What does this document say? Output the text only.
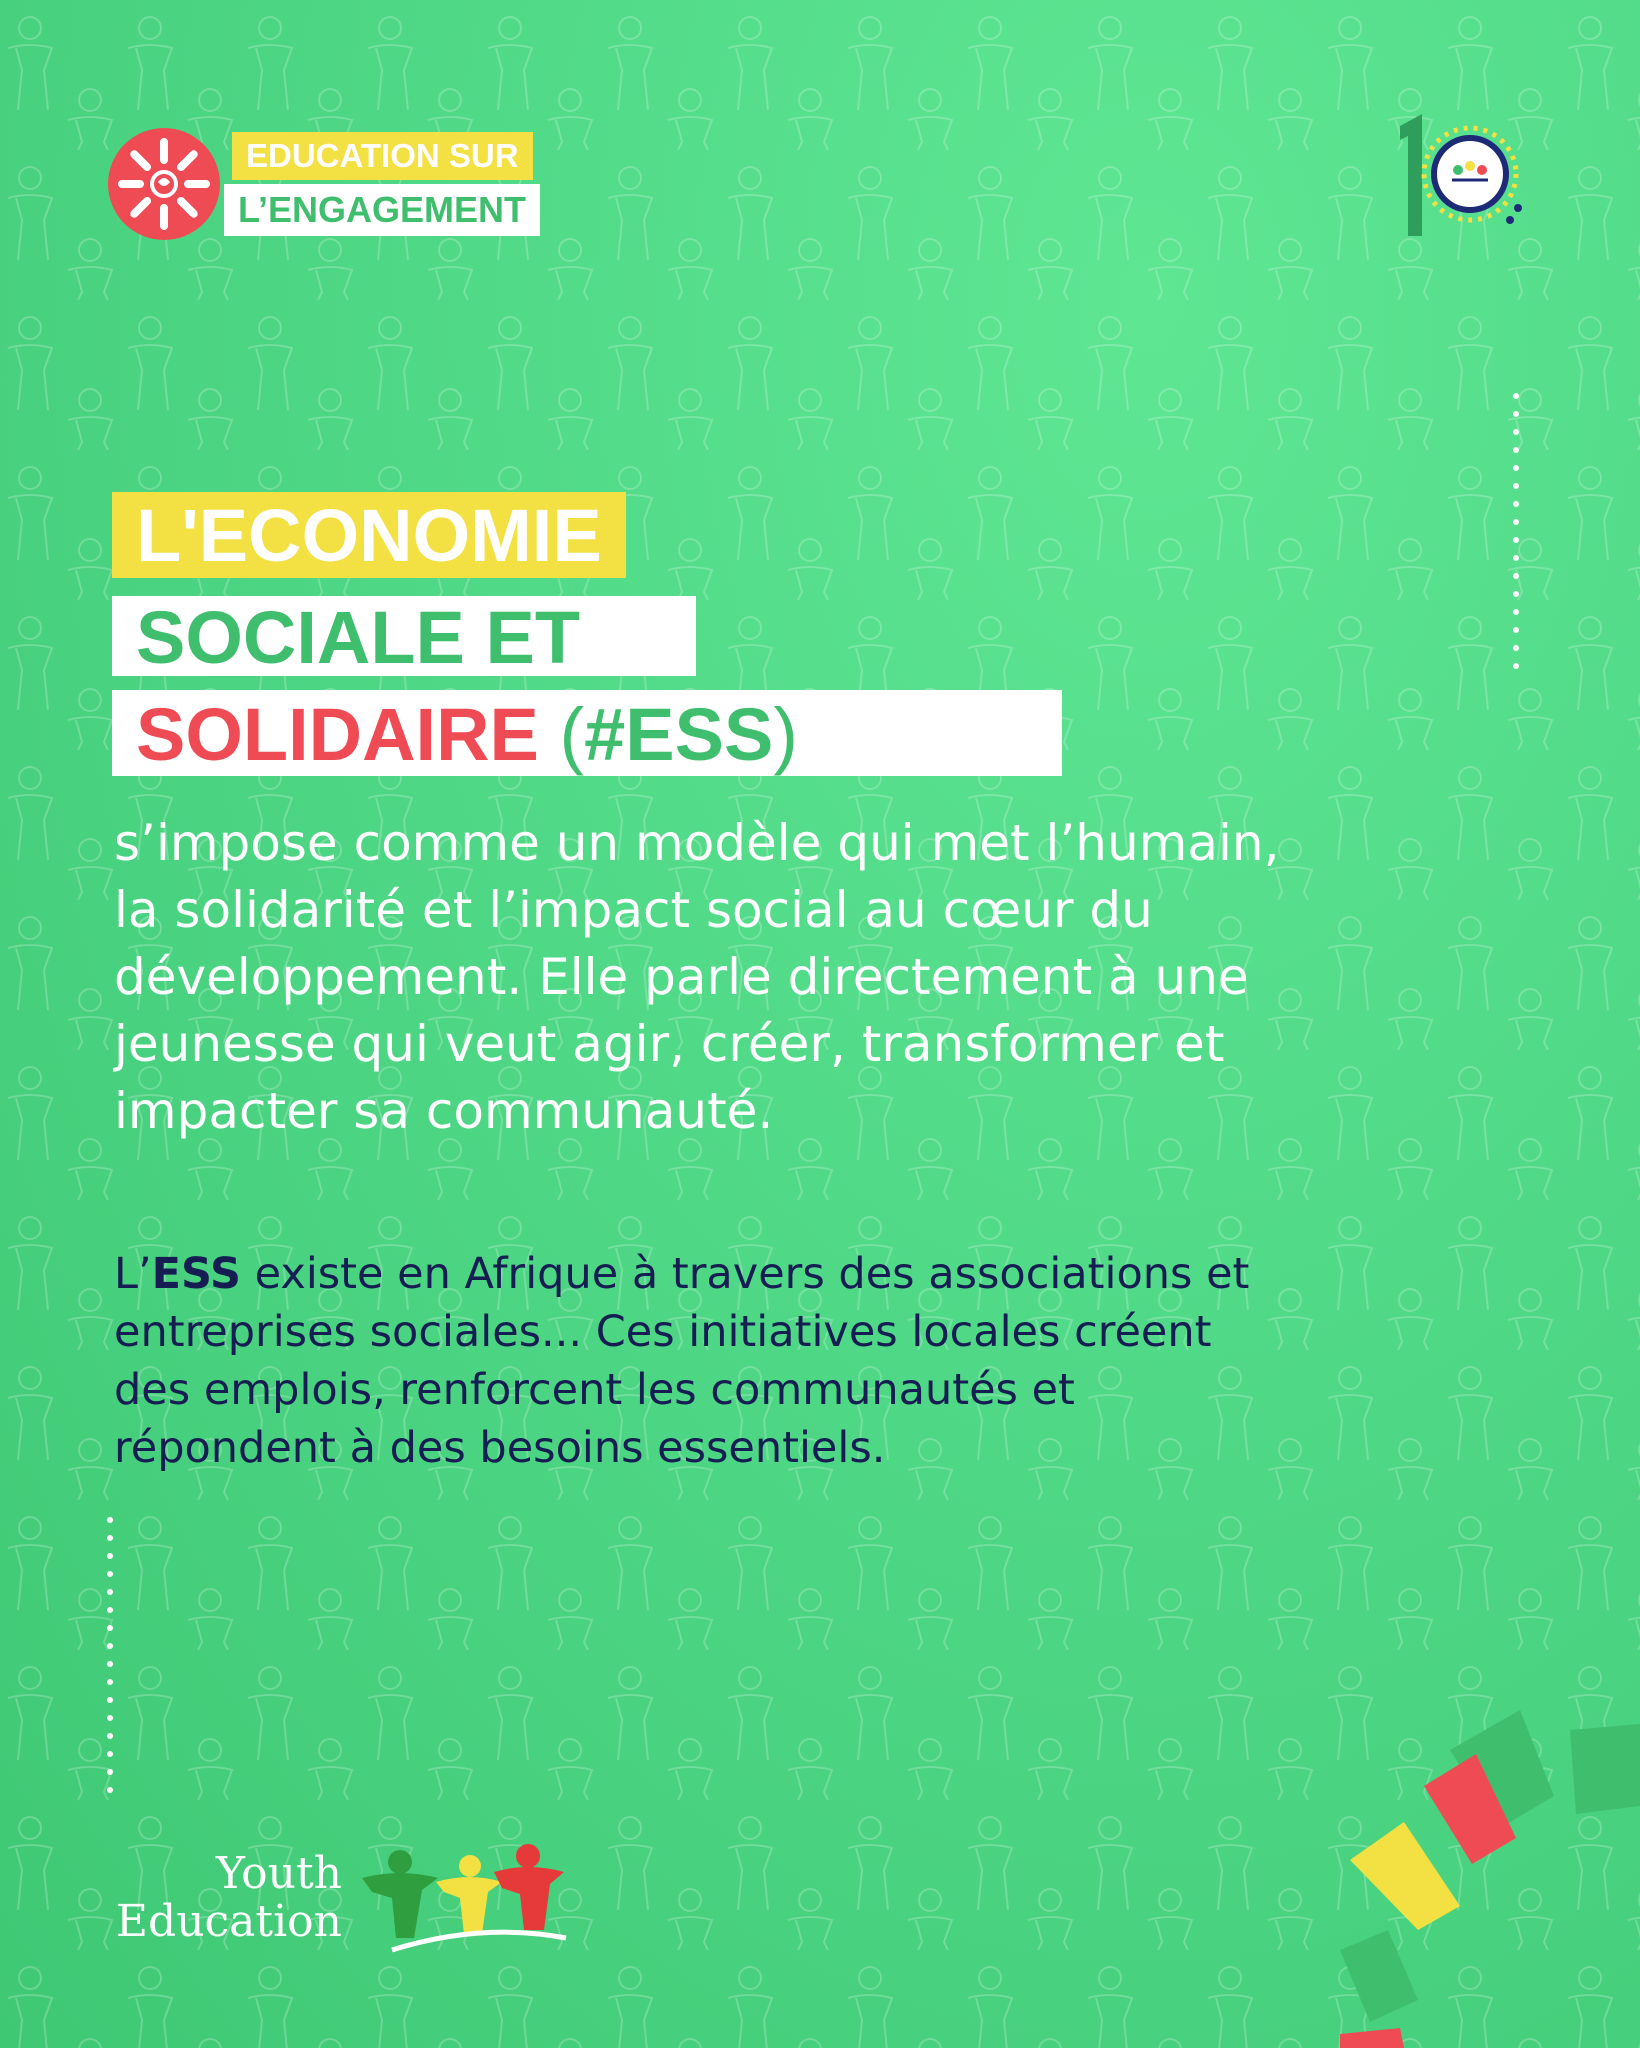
EDUCATION SUR
L’ENGAGEMENT
L'ECONOMIE
SOCIALE ET
SOLIDAIRE (#ESS)
s’impose comme un modèle qui met l’humain,
la solidarité et l’impact social au cœur du
développement. Elle parle directement à une
jeunesse qui veut agir, créer, transformer et
impacter sa communauté.
L’ESS existe en Afrique à travers des associations et
entreprises sociales... Ces initiatives locales créent
des emplois, renforcent les communautés et
répondent à des besoins essentiels.
Youth
Education
